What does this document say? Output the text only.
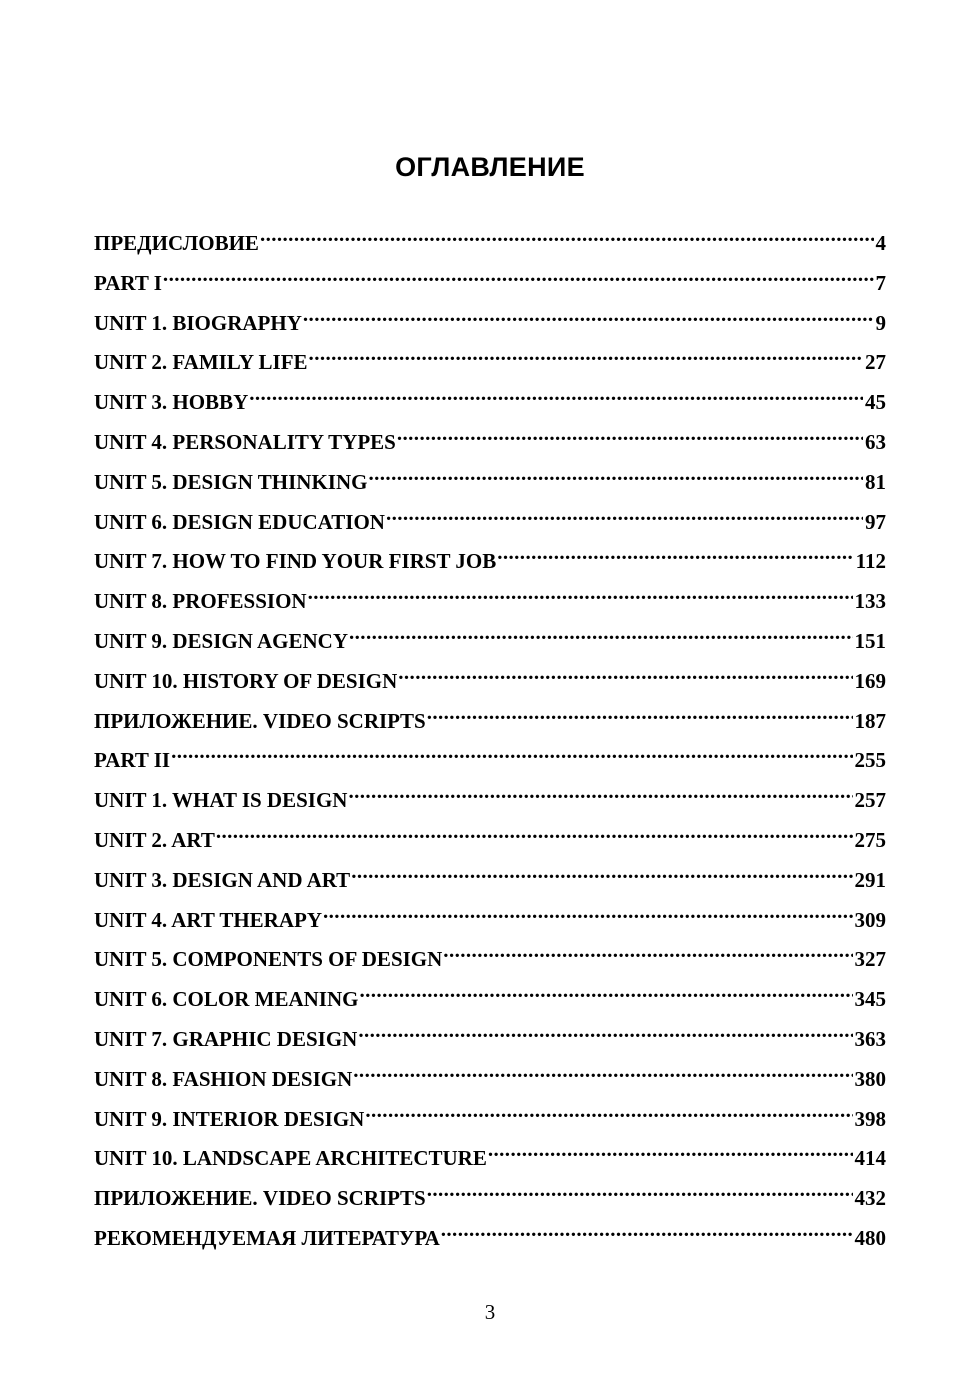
ОГЛАВЛЕНИЕ
ПРЕДИСЛОВИЕ .....	4
PART I .....	7
UNIT 1. BIOGRAPHY .....	9
UNIT 2. FAMILY LIFE .....	27
UNIT 3. HOBBY .....	45
UNIT 4. PERSONALITY TYPES .....	63
UNIT 5. DESIGN THINKING .....	81
UNIT 6. DESIGN EDUCATION .....	97
UNIT 7. HOW TO FIND YOUR FIRST JOB .....	112
UNIT 8. PROFESSION .....	133
UNIT 9. DESIGN AGENCY .....	151
UNIT 10. HISTORY OF DESIGN .....	169
ПРИЛОЖЕНИЕ. VIDEO SCRIPTS .....	187
PART II .....	255
UNIT 1. WHAT IS DESIGN .....	257
UNIT 2. ART .....	275
UNIT 3. DESIGN AND ART .....	291
UNIT 4. ART THERAPY .....	309
UNIT 5. COMPONENTS OF DESIGN .....	327
UNIT 6. COLOR MEANING .....	345
UNIT 7. GRAPHIC DESIGN .....	363
UNIT 8. FASHION DESIGN .....	380
UNIT 9. INTERIOR DESIGN .....	398
UNIT 10. LANDSCAPE ARCHITECTURE .....	414
ПРИЛОЖЕНИЕ. VIDEO SCRIPTS .....	432
РЕКОМЕНДУЕМАЯ ЛИТЕРАТУРА .....	480
3
